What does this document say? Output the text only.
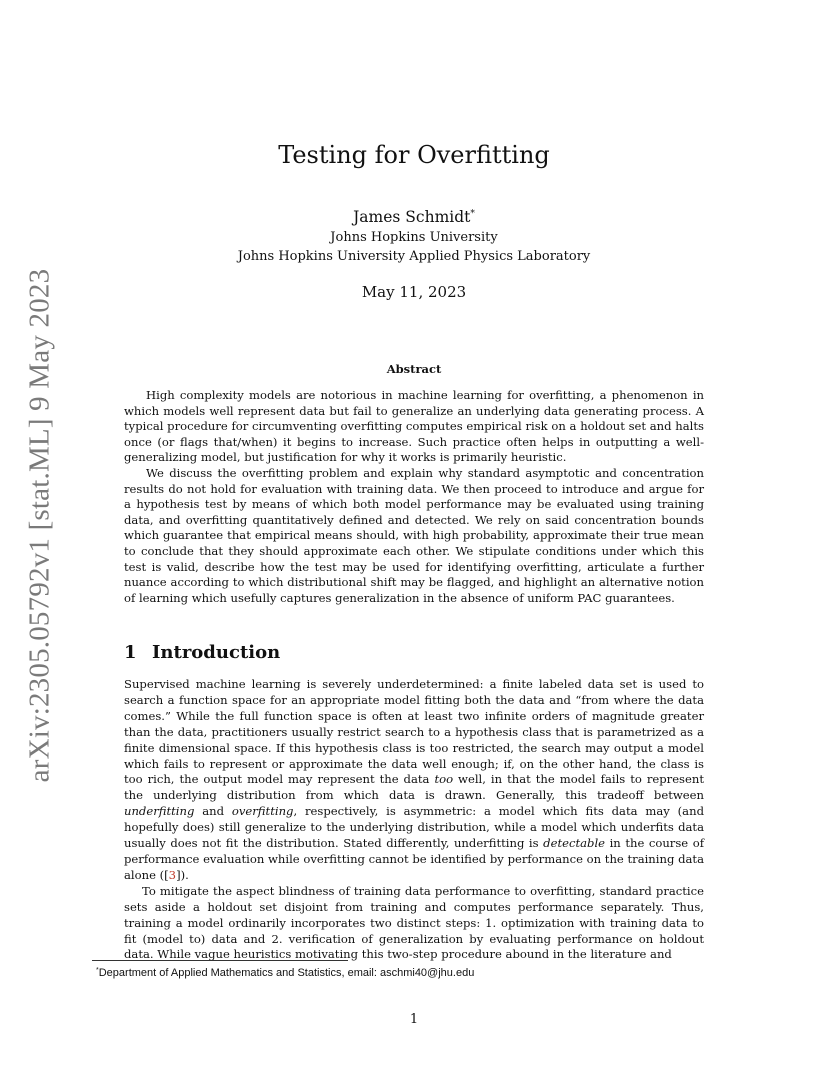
arXiv:2305.05792v1 [stat.ML] 9 May 2023
Testing for Overfitting
James Schmidt*
Johns Hopkins University
Johns Hopkins University Applied Physics Laboratory
May 11, 2023
Abstract

High complexity models are notorious in machine learning for overfitting, a phenomenon in which models well represent data but fail to generalize an underlying data generating process. A typical procedure for circumventing overfitting computes empirical risk on a holdout set and halts once (or flags that/when) it begins to increase. Such practice often helps in outputting a well-generalizing model, but justification for why it works is primarily heuristic.

We discuss the overfitting problem and explain why standard asymptotic and concentration results do not hold for evaluation with training data. We then proceed to introduce and argue for a hypothesis test by means of which both model performance may be evaluated using training data, and overfitting quantitatively defined and detected. We rely on said concentration bounds which guarantee that empirical means should, with high probability, approximate their true mean to conclude that they should approximate each other. We stipulate conditions under which this test is valid, describe how the test may be used for identifying overfitting, articulate a further nuance according to which distributional shift may be flagged, and highlight an alternative notion of learning which usefully captures generalization in the absence of uniform PAC guarantees.

1 Introduction

Supervised machine learning is severely underdetermined: a finite labeled data set is used to search a function space for an appropriate model fitting both the data and “from where the data comes.” While the full function space is often at least two infinite orders of magnitude greater than the data, practitioners usually restrict search to a hypothesis class that is parametrized as a finite dimensional space. If this hypothesis class is too restricted, the search may output a model which fails to represent or approximate the data well enough; if, on the other hand, the class is too rich, the output model may represent the data too well, in that the model fails to represent the underlying distribution from which data is drawn. Generally, this tradeoff between underfitting and overfitting, respectively, is asymmetric: a model which fits data may (and hopefully does) still generalize to the underlying distribution, while a model which underfits data usually does not fit the distribution. Stated differently, underfitting is detectable in the course of performance evaluation while overfitting cannot be identified by performance on the training data alone ([3]).

To mitigate the aspect blindness of training data performance to overfitting, standard practice sets aside a holdout set disjoint from training and computes performance separately. Thus, training a model ordinarily incorporates two distinct steps: 1. optimization with training data to fit (model to) data and 2. verification of generalization by evaluating performance on holdout data. While vague heuristics motivating this two-step procedure abound in the literature and

*Department of Applied Mathematics and Statistics, email: aschmi40@jhu.edu
1
